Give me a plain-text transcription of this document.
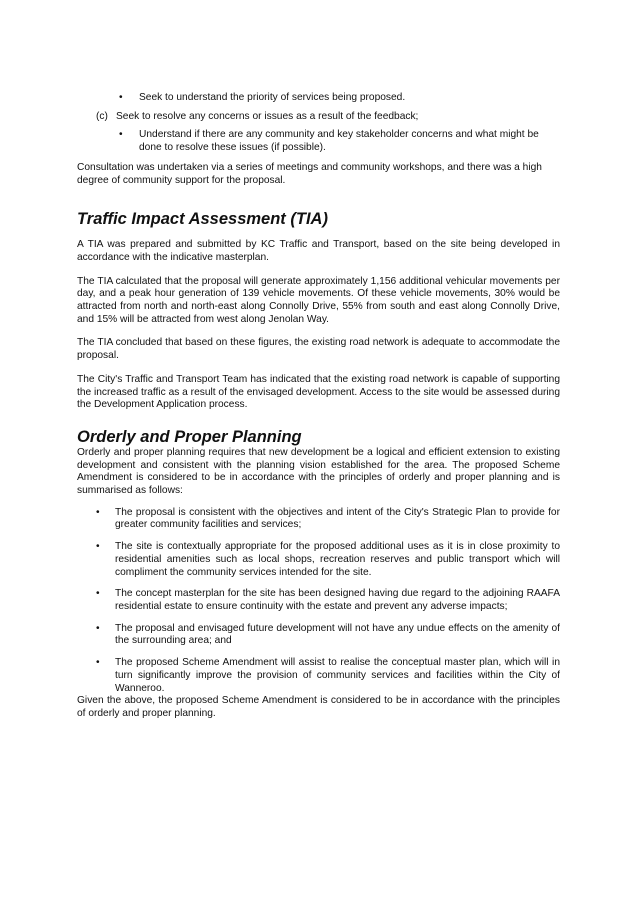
• Seek to understand the priority of services being proposed.

(c) Seek to resolve any concerns or issues as a result of the feedback;

• Understand if there are any community and key stakeholder concerns and what might be done to resolve these issues (if possible).

Consultation was undertaken via a series of meetings and community workshops, and there was a high degree of community support for the proposal.

Traffic Impact Assessment (TIA)

A TIA was prepared and submitted by KC Traffic and Transport, based on the site being developed in accordance with the indicative masterplan.

The TIA calculated that the proposal will generate approximately 1,156 additional vehicular movements per day, and a peak hour generation of 139 vehicle movements. Of these vehicle movements, 30% would be attracted from north and north-east along Connolly Drive, 55% from south and east along Connolly Drive, and 15% will be attracted from west along Jenolan Way.

The TIA concluded that based on these figures, the existing road network is adequate to accommodate the proposal.

The City's Traffic and Transport Team has indicated that the existing road network is capable of supporting the increased traffic as a result of the envisaged development. Access to the site would be assessed during the Development Application process.

Orderly and Proper Planning

Orderly and proper planning requires that new development be a logical and efficient extension to existing development and consistent with the planning vision established for the area. The proposed Scheme Amendment is considered to be in accordance with the principles of orderly and proper planning and is summarised as follows:

• The proposal is consistent with the objectives and intent of the City's Strategic Plan to provide for greater community facilities and services;

• The site is contextually appropriate for the proposed additional uses as it is in close proximity to residential amenities such as local shops, recreation reserves and public transport which will compliment the community services intended for the site.

• The concept masterplan for the site has been designed having due regard to the adjoining RAAFA residential estate to ensure continuity with the estate and prevent any adverse impacts;

• The proposal and envisaged future development will not have any undue effects on the amenity of the surrounding area; and

• The proposed Scheme Amendment will assist to realise the conceptual master plan, which will in turn significantly improve the provision of community services and facilities within the City of Wanneroo.

Given the above, the proposed Scheme Amendment is considered to be in accordance with the principles of orderly and proper planning.
